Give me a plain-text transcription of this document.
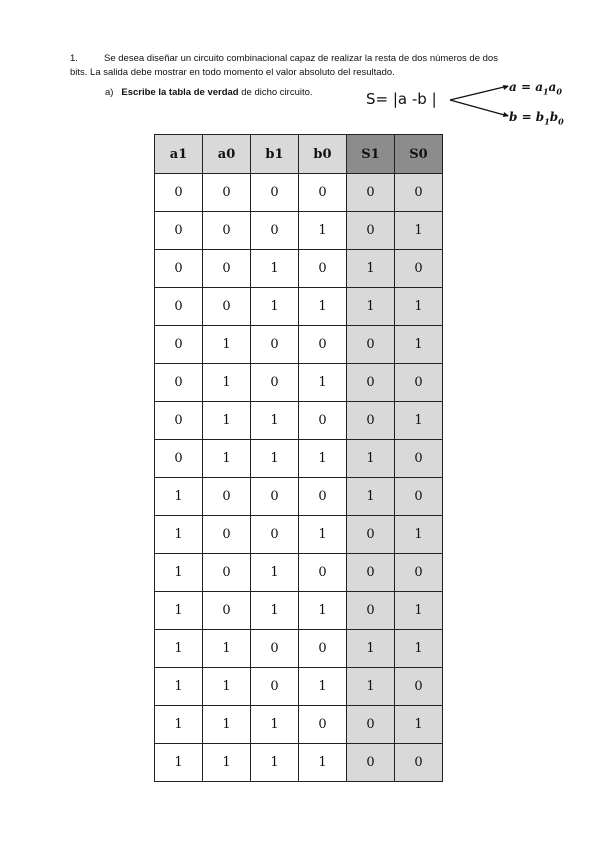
1.	Se desea diseñar un circuito combinacional capaz de realizar la resta de dos números de dos
bits. La salida debe mostrar en todo momento el valor absoluto del resultado.
a) Escribe la tabla de verdad de dicho circuito.	S= |a -b |
$a = a_1a_0$
$b = b_1b_0$
a1	a0	b1	b0	S1	S0
0	0	0	0	0	0
0	0	0	1	0	1
0	0	1	0	1	0
0	0	1	1	1	1
0	1	0	0	0	1
0	1	0	1	0	0
0	1	1	0	0	1
0	1	1	1	1	0
1	0	0	0	1	0
1	0	0	1	0	1
1	0	1	0	0	0
1	0	1	1	0	1
1	1	0	0	1	1
1	1	0	1	1	0
1	1	1	0	0	1
1	1	1	1	0	0
